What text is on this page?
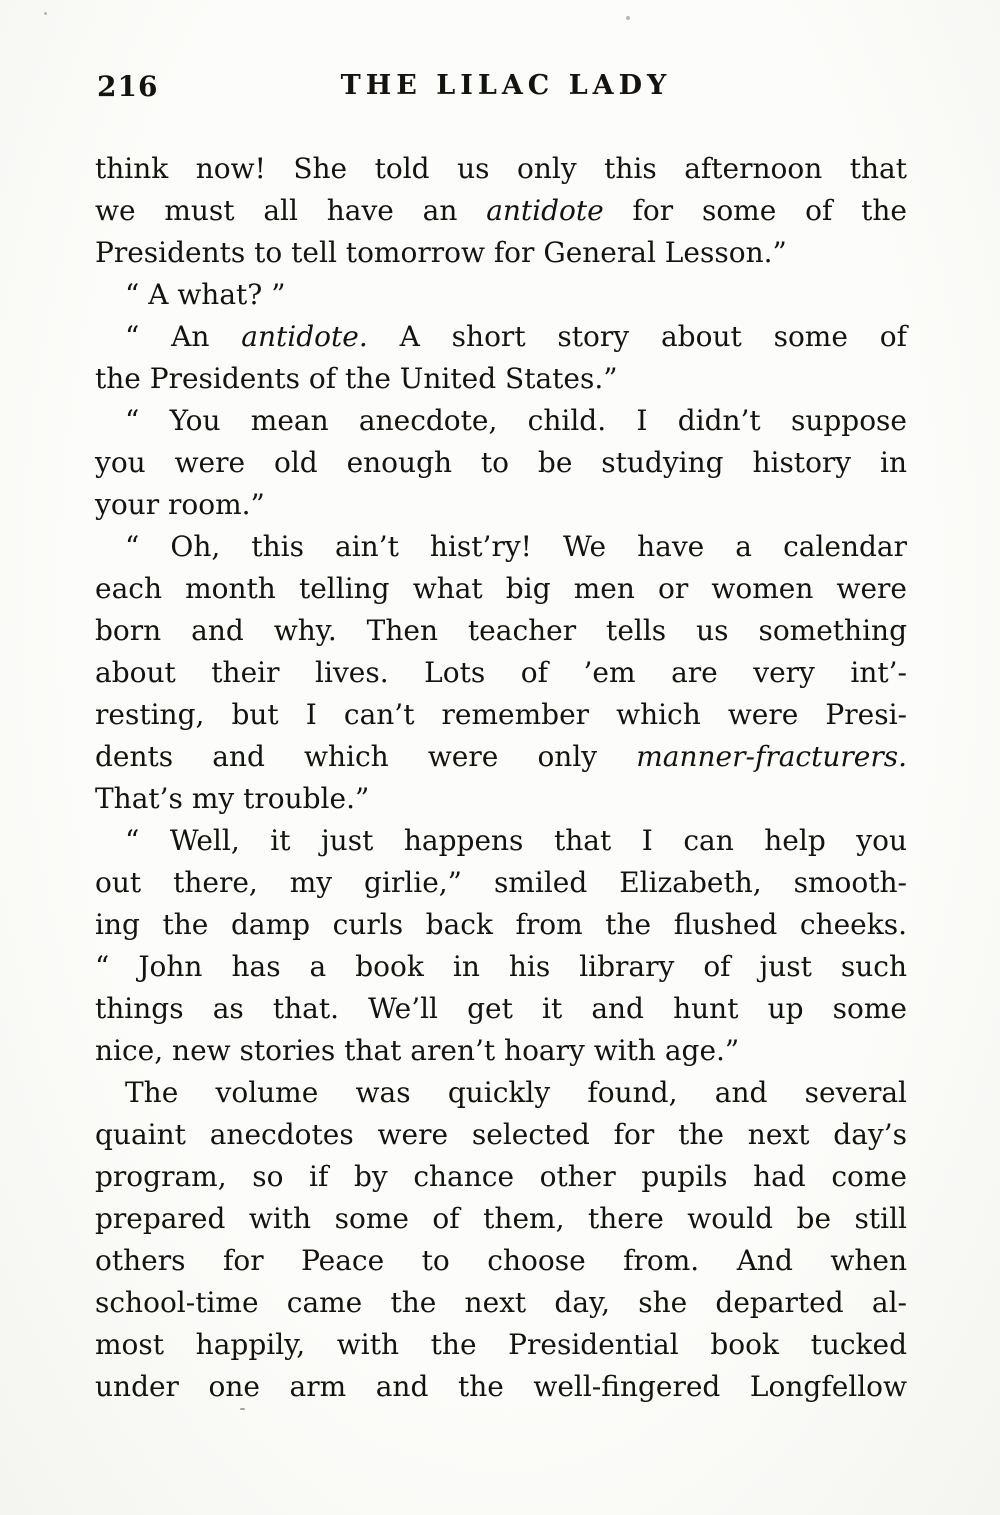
216	THE LILAC LADY
think now! She told us only this afternoon that
we must all have an antidote for some of the
Presidents to tell tomorrow for General Lesson.”
“ A what? ”
“ An antidote. A short story about some of
the Presidents of the United States.”
“ You mean anecdote, child. I didn’t suppose
you were old enough to be studying history in
your room.”
“ Oh, this ain’t hist’ry! We have a calendar
each month telling what big men or women were
born and why. Then teacher tells us something
about their lives. Lots of ’em are very int’-
resting, but I can’t remember which were Presi-
dents and which were only manner-fracturers.
That’s my trouble.”
“ Well, it just happens that I can help you
out there, my girlie,” smiled Elizabeth, smooth-
ing the damp curls back from the flushed cheeks.
“ John has a book in his library of just such
things as that. We’ll get it and hunt up some
nice, new stories that aren’t hoary with age.”
The volume was quickly found, and several
quaint anecdotes were selected for the next day’s
program, so if by chance other pupils had come
prepared with some of them, there would be still
others for Peace to choose from. And when
school-time came the next day, she departed al-
most happily, with the Presidential book tucked
under one arm and the well-fingered Longfellow
